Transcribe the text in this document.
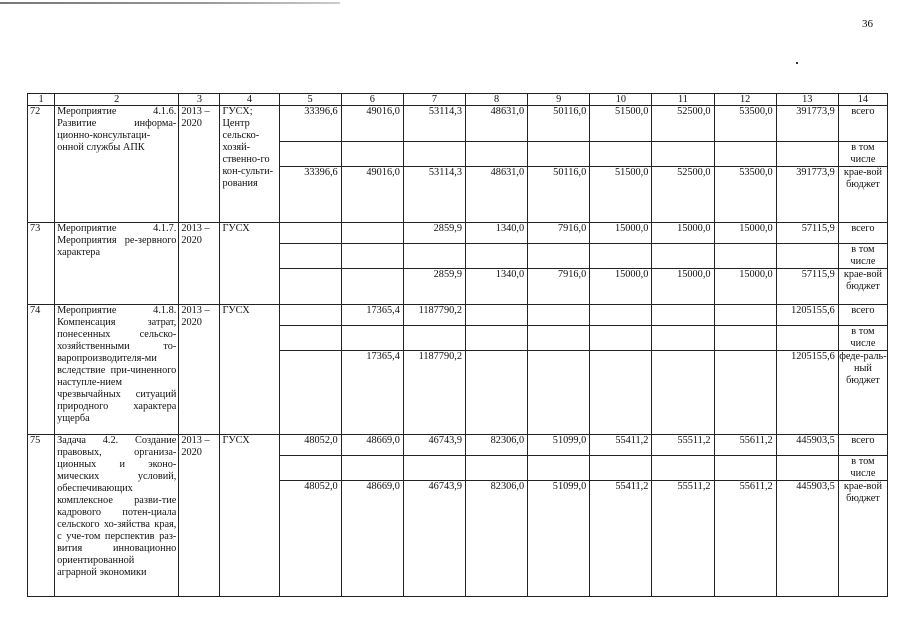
36
1	2	3	4	5	6	7	8	9	10	11	12	13	14
72	Мероприятие 4.1.6. Развитие информа-ционно-консультаци-онной службы АПК	2013 – 2020	ГУСХ; Центр сельско-хозяй-ственно-го кон-сульти-рования	33396,6	49016,0	53114,3	48631,0	50116,0	51500,0	52500,0	53500,0	391773,9	всего
													в том числе
				33396,6	49016,0	53114,3	48631,0	50116,0	51500,0	52500,0	53500,0	391773,9	крае-вой бюджет
73	Мероприятие 4.1.7. Мероприятия ре-зервного характера	2013 – 2020	ГУСХ			2859,9	1340,0	7916,0	15000,0	15000,0	15000,0	57115,9	всего
													в том числе
						2859,9	1340,0	7916,0	15000,0	15000,0	15000,0	57115,9	крае-вой бюджет
74	Мероприятие 4.1.8. Компенсация затрат, понесенных сельско-хозяйственными то-варопроизводителя-ми вследствие при-чиненного наступле-нием чрезвычайных ситуаций природного характера ущерба	2013 – 2020	ГУСХ		17365,4	1187790,2						1205155,6	всего
													в том числе
					17365,4	1187790,2						1205155,6	феде-раль-ный бюджет
75	Задача 4.2. Создание правовых, организа-ционных и эконо-мических условий, обеспечивающих комплексное разви-тие кадрового потен-циала сельского хо-зяйства края, с уче-том перспектив раз-вития инновационно ориентированной аграрной экономики	2013 – 2020	ГУСХ	48052,0	48669,0	46743,9	82306,0	51099,0	55411,2	55511,2	55611,2	445903,5	всего
													в том числе
				48052,0	48669,0	46743,9	82306,0	51099,0	55411,2	55511,2	55611,2	445903,5	крае-вой бюджет
